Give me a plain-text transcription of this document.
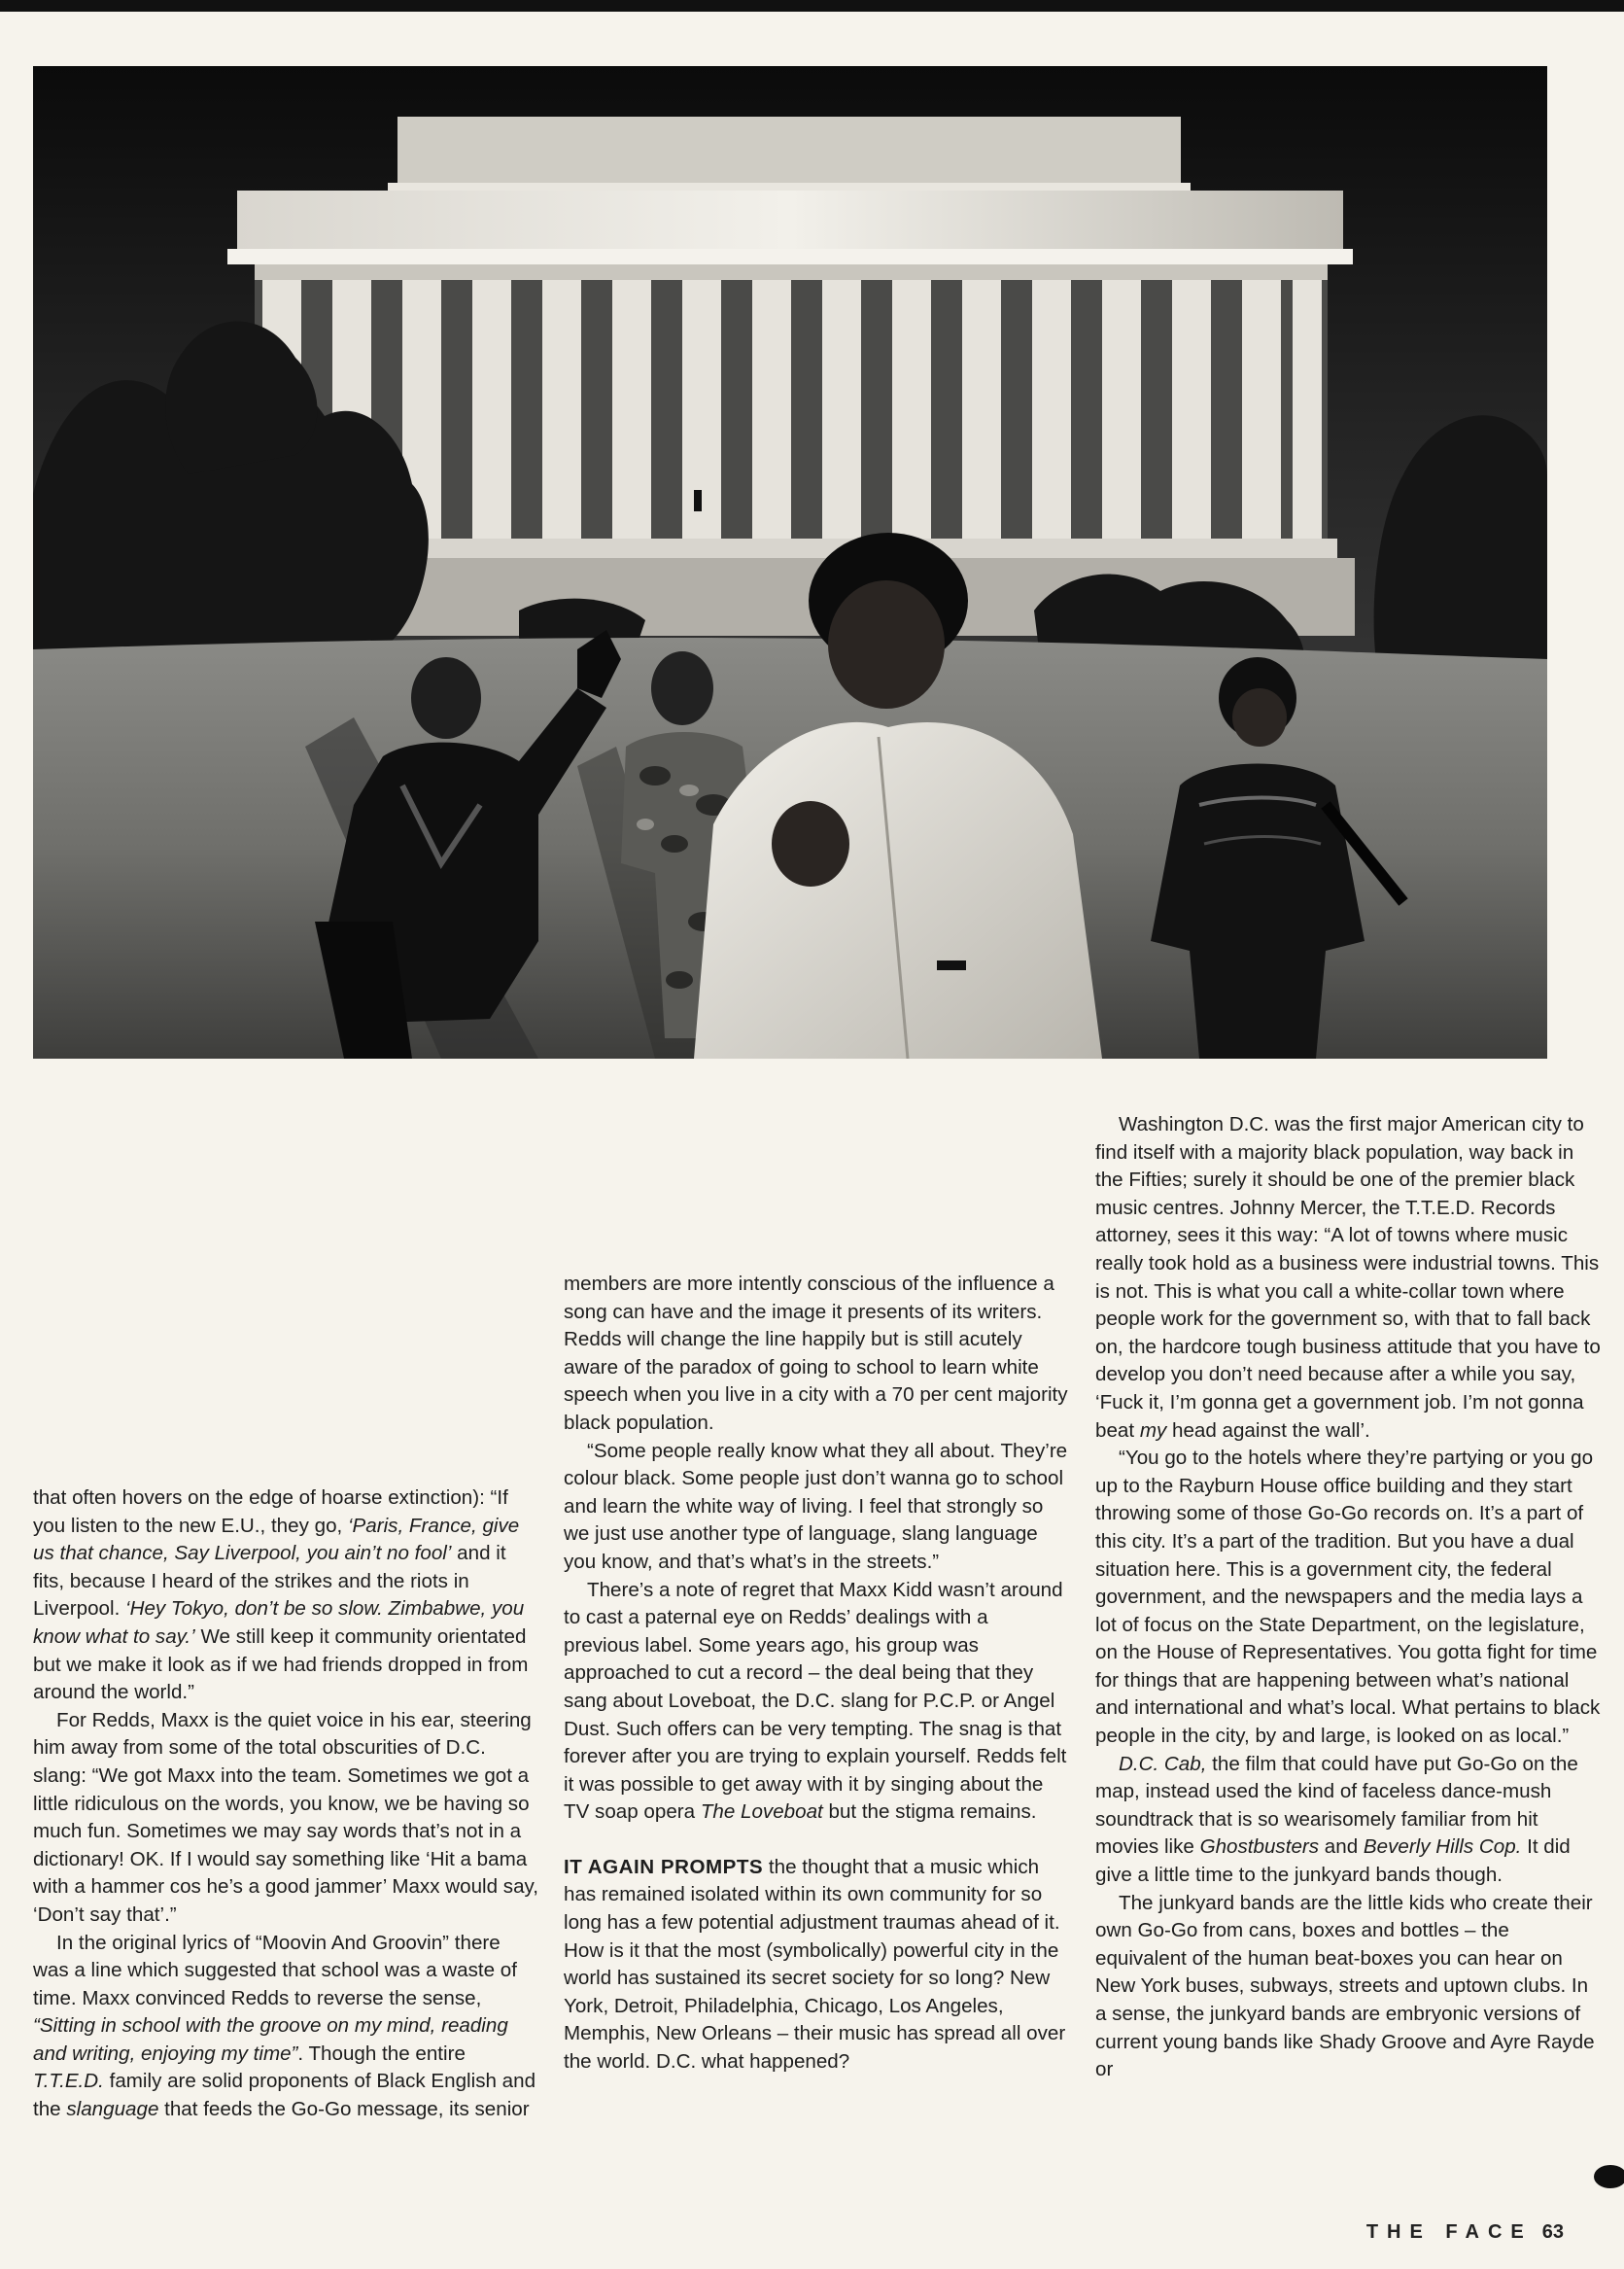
that often hovers on the edge of hoarse extinction): “If you listen to the new E.U., they go, ‘Paris, France, give us that chance, Say Liverpool, you ain’t no fool’ and it fits, because I heard of the strikes and the riots in Liverpool. ‘Hey Tokyo, don’t be so slow. Zimbabwe, you know what to say.’ We still keep it community orientated but we make it look as if we had friends dropped in from around the world.”

For Redds, Maxx is the quiet voice in his ear, steering him away from some of the total obscurities of D.C. slang: “We got Maxx into the team. Sometimes we got a little ridiculous on the words, you know, we be having so much fun. Sometimes we may say words that’s not in a dictionary! OK. If I would say something like ‘Hit a bama with a hammer cos he’s a good jammer’ Maxx would say, ‘Don’t say that’.”

In the original lyrics of “Moovin And Groovin” there was a line which suggested that school was a waste of time. Maxx convinced Redds to reverse the sense, “Sitting in school with the groove on my mind, reading and writing, enjoying my time”. Though the entire T.T.E.D. family are solid proponents of Black English and the slanguage that feeds the Go-Go message, its senior

members are more intently conscious of the influence a song can have and the image it presents of its writers. Redds will change the line happily but is still acutely aware of the paradox of going to school to learn white speech when you live in a city with a 70 per cent majority black population.

“Some people really know what they all about. They’re colour black. Some people just don’t wanna go to school and learn the white way of living. I feel that strongly so we just use another type of language, slang language you know, and that’s what’s in the streets.”

There’s a note of regret that Maxx Kidd wasn’t around to cast a paternal eye on Redds’ dealings with a previous label. Some years ago, his group was approached to cut a record – the deal being that they sang about Loveboat, the D.C. slang for P.C.P. or Angel Dust. Such offers can be very tempting. The snag is that forever after you are trying to explain yourself. Redds felt it was possible to get away with it by singing about the TV soap opera The Loveboat but the stigma remains.

IT AGAIN PROMPTS the thought that a music which has remained isolated within its own community for so long has a few potential adjustment traumas ahead of it. How is it that the most (symbolically) powerful city in the world has sustained its secret society for so long? New York, Detroit, Philadelphia, Chicago, Los Angeles, Memphis, New Orleans – their music has spread all over the world. D.C. what happened?

Washington D.C. was the first major American city to find itself with a majority black population, way back in the Fifties; surely it should be one of the premier black music centres. Johnny Mercer, the T.T.E.D. Records attorney, sees it this way: “A lot of towns where music really took hold as a business were industrial towns. This is not. This is what you call a white-collar town where people work for the government so, with that to fall back on, the hardcore tough business attitude that you have to develop you don’t need because after a while you say, ‘Fuck it, I’m gonna get a government job. I’m not gonna beat my head against the wall’.

“You go to the hotels where they’re partying or you go up to the Rayburn House office building and they start throwing some of those Go-Go records on. It’s a part of this city. It’s a part of the tradition. But you have a dual situation here. This is a government city, the federal government, and the newspapers and the media lays a lot of focus on the State Department, on the legislature, on the House of Representatives. You gotta fight for time for things that are happening between what’s national and international and what’s local. What pertains to black people in the city, by and large, is looked on as local.”

D.C. Cab, the film that could have put Go-Go on the map, instead used the kind of faceless dance-mush soundtrack that is so wearisomely familiar from hit movies like Ghostbusters and Beverly Hills Cop. It did give a little time to the junkyard bands though.

The junkyard bands are the little kids who create their own Go-Go from cans, boxes and bottles – the equivalent of the human beat-boxes you can hear on New York buses, subways, streets and uptown clubs. In a sense, the junkyard bands are embryonic versions of current young bands like Shady Groove and Ayre Rayde or

THE FACE 63
